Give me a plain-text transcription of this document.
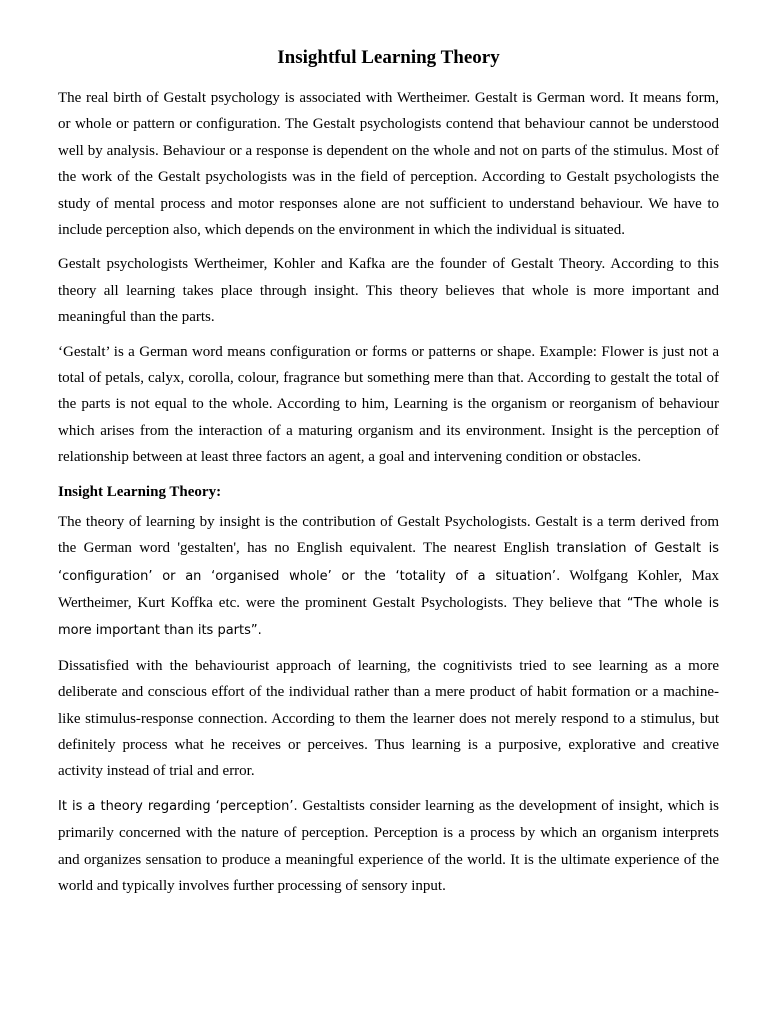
Insightful Learning Theory

The real birth of Gestalt psychology is associated with Wertheimer. Gestalt is German word. It means form, or whole or pattern or configuration. The Gestalt psychologists contend that behaviour cannot be understood well by analysis. Behaviour or a response is dependent on the whole and not on parts of the stimulus. Most of the work of the Gestalt psychologists was in the field of perception. According to Gestalt psychologists the study of mental process and motor responses alone are not sufficient to understand behaviour. We have to include perception also, which depends on the environment in which the individual is situated.

Gestalt psychologists Wertheimer, Kohler and Kafka are the founder of Gestalt Theory. According to this theory all learning takes place through insight. This theory believes that whole is more important and meaningful than the parts.

‘Gestalt’ is a German word means configuration or forms or patterns or shape. Example: Flower is just not a total of petals, calyx, corolla, colour, fragrance but something mere than that. According to gestalt the total of the parts is not equal to the whole. According to him, Learning is the organism or reorganism of behaviour which arises from the interaction of a maturing organism and its environment. Insight is the perception of relationship between at least three factors an agent, a goal and intervening condition or obstacles.

Insight Learning Theory:

The theory of learning by insight is the contribution of Gestalt Psychologists. Gestalt is a term derived from the German word 'gestalten', has no English equivalent. The nearest English translation of Gestalt is ‘configuration’ or an ‘organised whole’ or the ‘totality of a situation’. Wolfgang Kohler, Max Wertheimer, Kurt Koffka etc. were the prominent Gestalt Psychologists. They believe that “The whole is more important than its parts”.

Dissatisfied with the behaviourist approach of learning, the cognitivists tried to see learning as a more deliberate and conscious effort of the individual rather than a mere product of habit formation or a machine-like stimulus-response connection. According to them the learner does not merely respond to a stimulus, but definitely process what he receives or perceives. Thus learning is a purposive, explorative and creative activity instead of trial and error.

It is a theory regarding ‘perception’. Gestaltists consider learning as the development of insight, which is primarily concerned with the nature of perception. Perception is a process by which an organism interprets and organizes sensation to produce a meaningful experience of the world. It is the ultimate experience of the world and typically involves further processing of sensory input.
